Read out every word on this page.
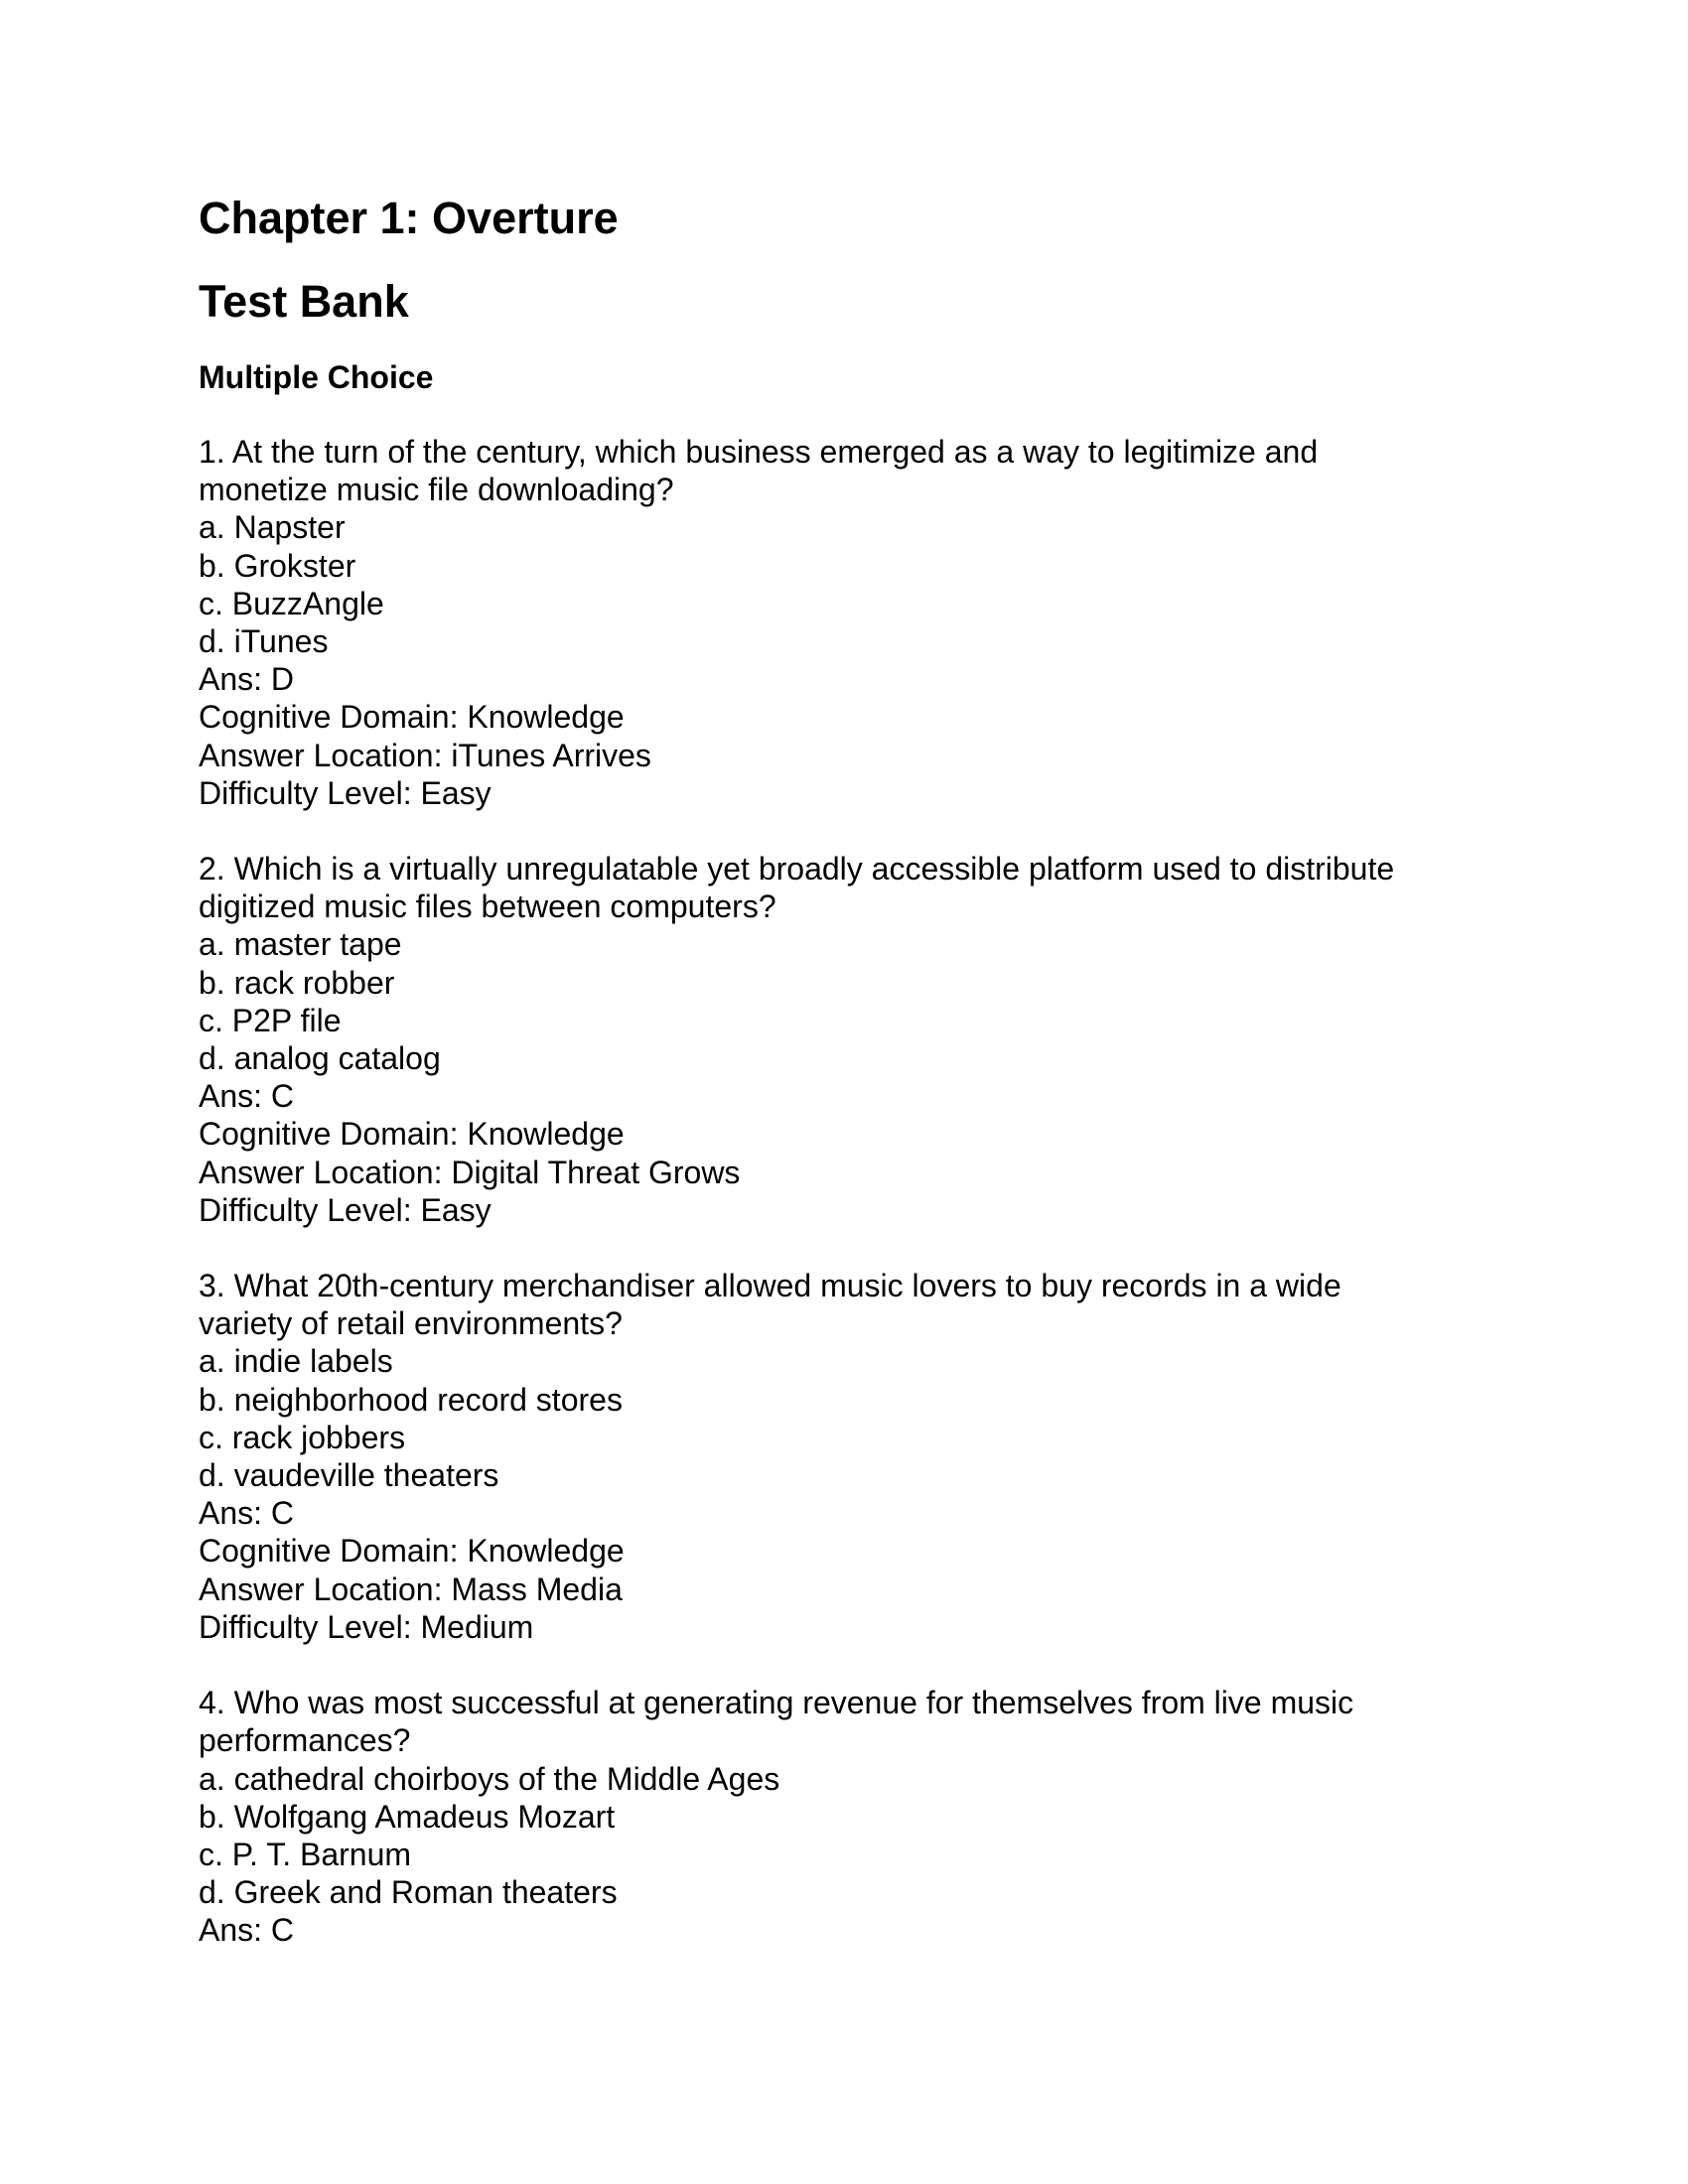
Chapter 1: Overture
Test Bank
Multiple Choice
1. At the turn of the century, which business emerged as a way to legitimize and
monetize music file downloading?
a. Napster
b. Grokster
c. BuzzAngle
d. iTunes
Ans: D
Cognitive Domain: Knowledge
Answer Location: iTunes Arrives
Difficulty Level: Easy
2. Which is a virtually unregulatable yet broadly accessible platform used to distribute
digitized music files between computers?
a. master tape
b. rack robber
c. P2P file
d. analog catalog
Ans: C
Cognitive Domain: Knowledge
Answer Location: Digital Threat Grows
Difficulty Level: Easy
3. What 20th-century merchandiser allowed music lovers to buy records in a wide
variety of retail environments?
a. indie labels
b. neighborhood record stores
c. rack jobbers
d. vaudeville theaters
Ans: C
Cognitive Domain: Knowledge
Answer Location: Mass Media
Difficulty Level: Medium
4. Who was most successful at generating revenue for themselves from live music
performances?
a. cathedral choirboys of the Middle Ages
b. Wolfgang Amadeus Mozart
c. P. T. Barnum
d. Greek and Roman theaters
Ans: C
